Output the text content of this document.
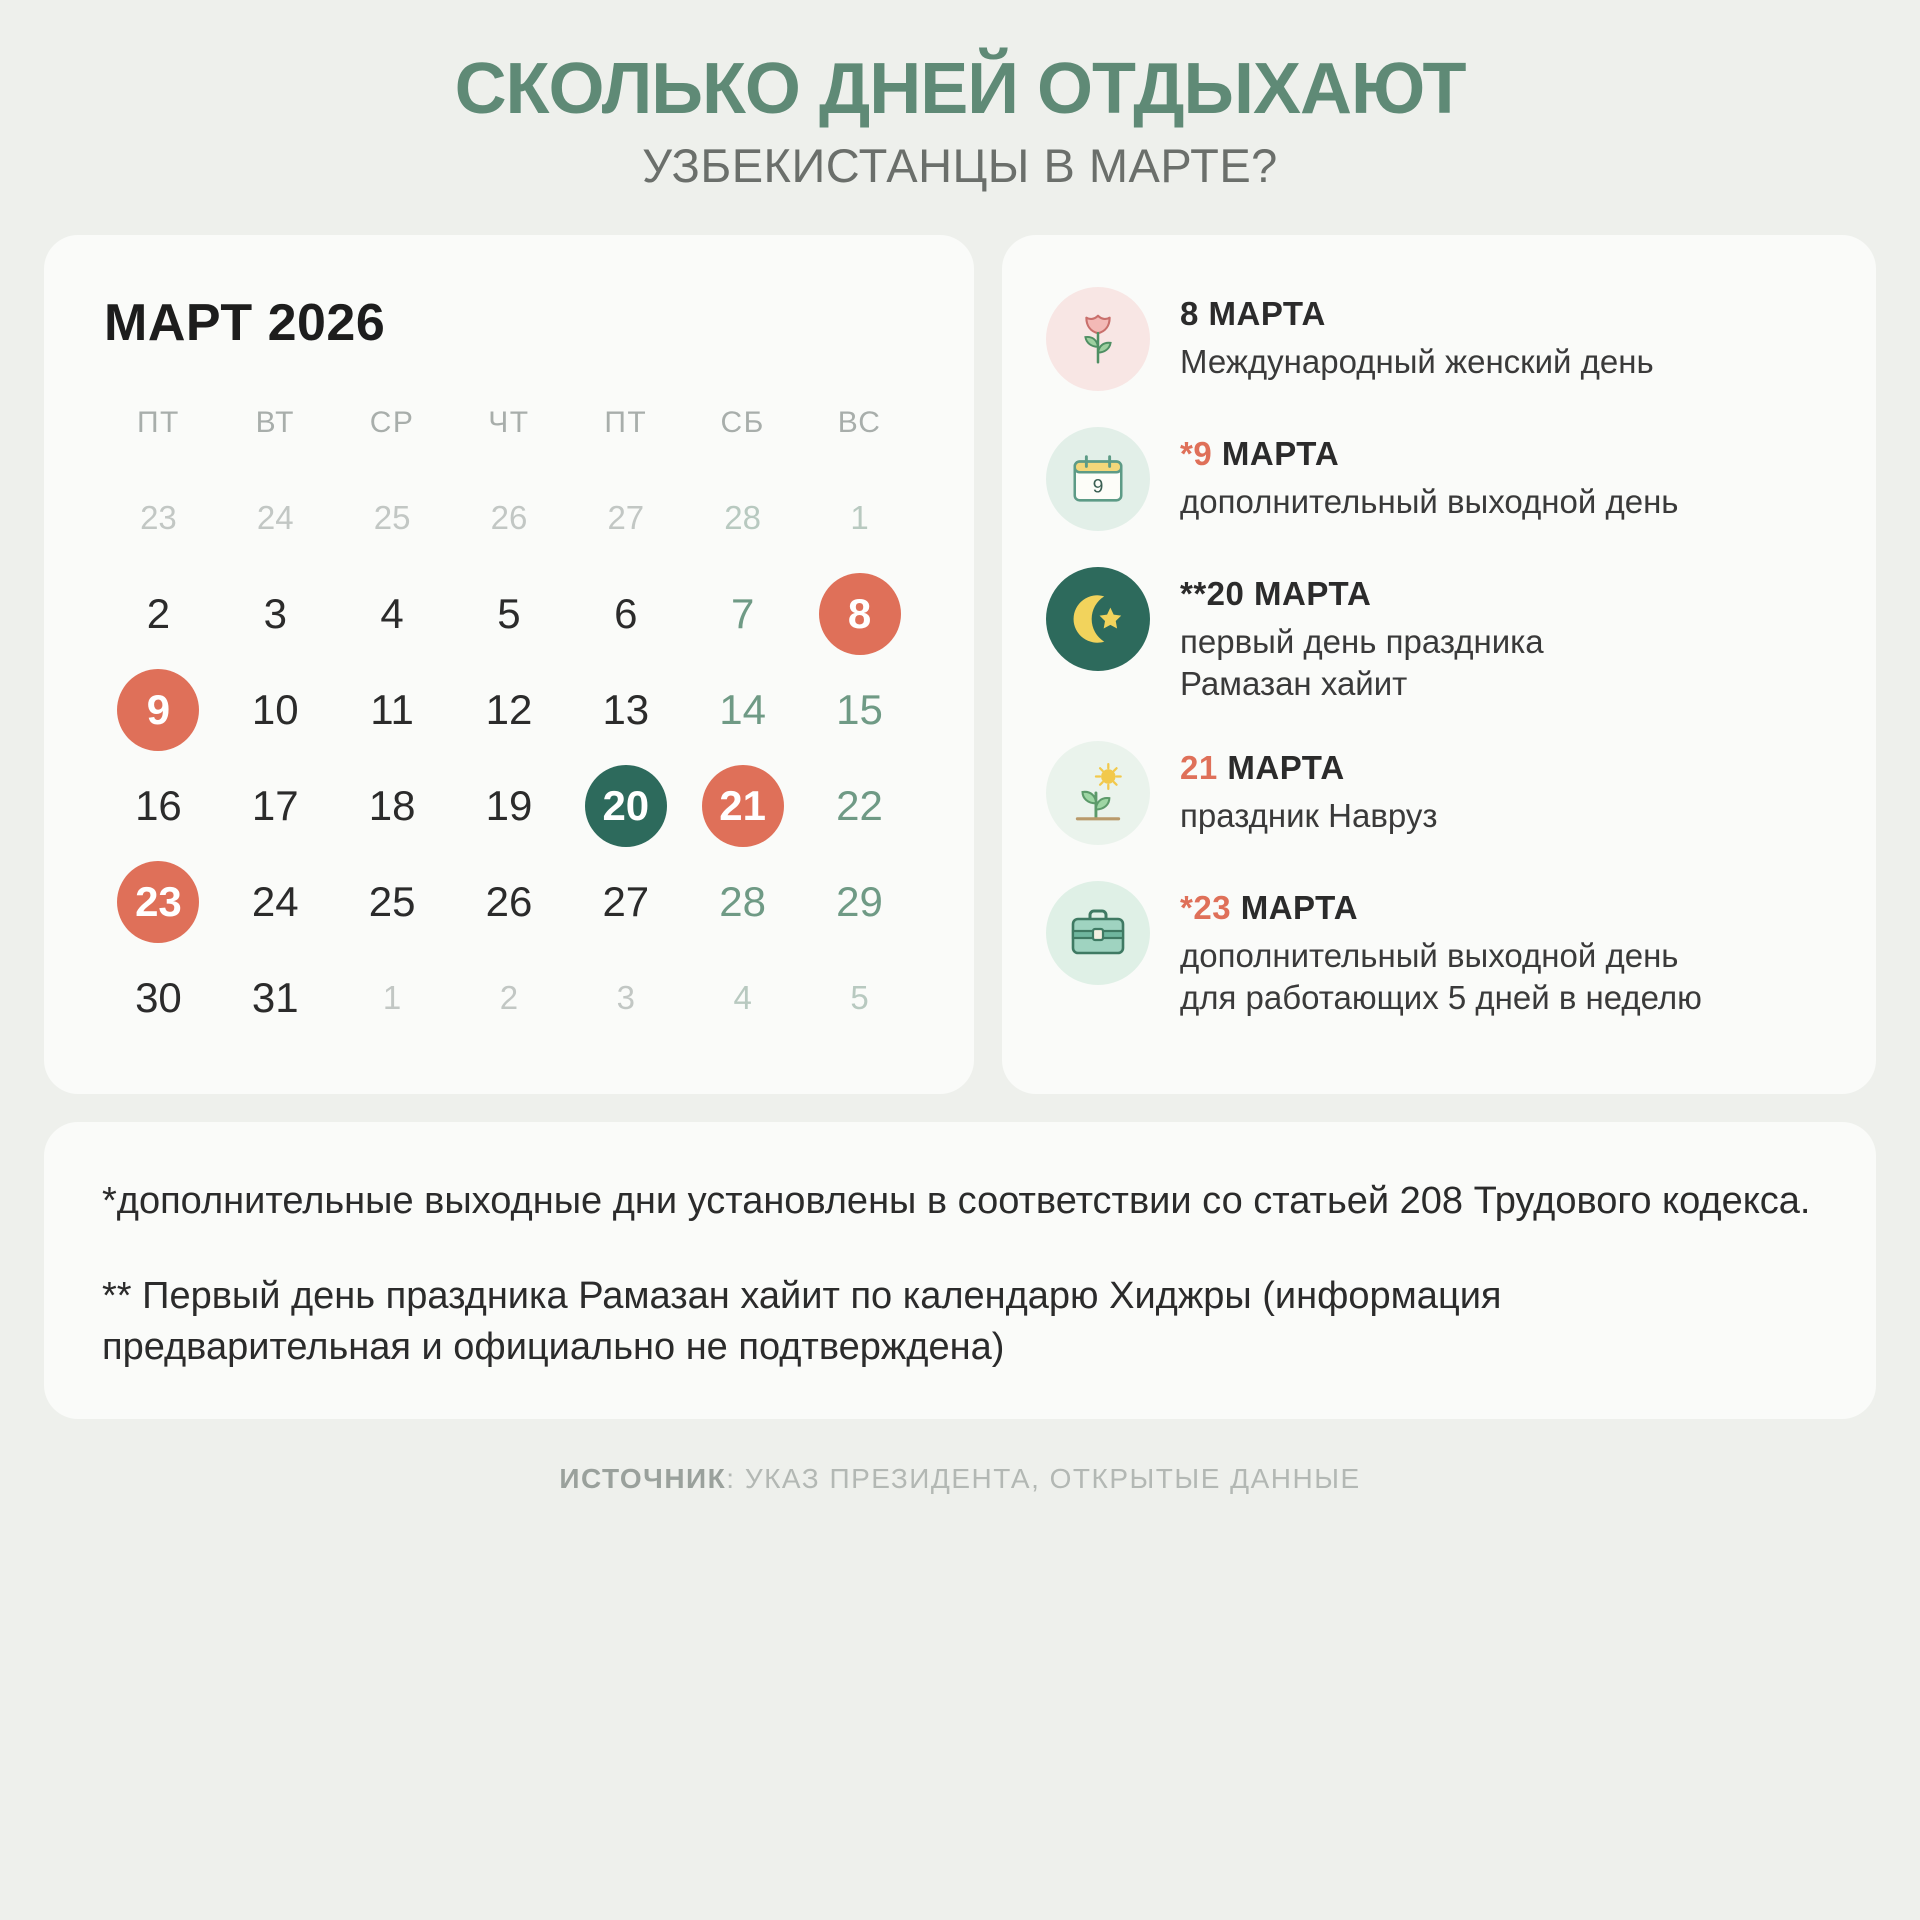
СКОЛЬКО ДНЕЙ ОТДЫХАЮТ
УЗБЕКИСТАНЦЫ В МАРТЕ?
МАРТ 2026
ПТ	ВТ	СР	ЧТ	ПТ	СБ	ВС

23	24	25	26	27	28	1

2	3	4	5	6	7	8

9	10	11	12	13	14	15

16	17	18	19	20	21	22

23	24	25	26	27	28	29

30	31	1	2	3	4	5
8 МАРТА
Международный женский день
9
*9 МАРТА
дополнительный выходной день
**20 МАРТА
первый день праздника
Рамазан хайит
21 МАРТА
праздник Навруз
*23 МАРТА
дополнительный выходной день
для работающих 5 дней в неделю
*дополнительные выходные дни установлены в соответствии со статьей 208 Трудового кодекса.
** Первый день праздника Рамазан хайит по календарю Хиджры (информация предварительная и официально не подтверждена)
ИСТОЧНИК: УКАЗ ПРЕЗИДЕНТА, ОТКРЫТЫЕ ДАННЫЕ
